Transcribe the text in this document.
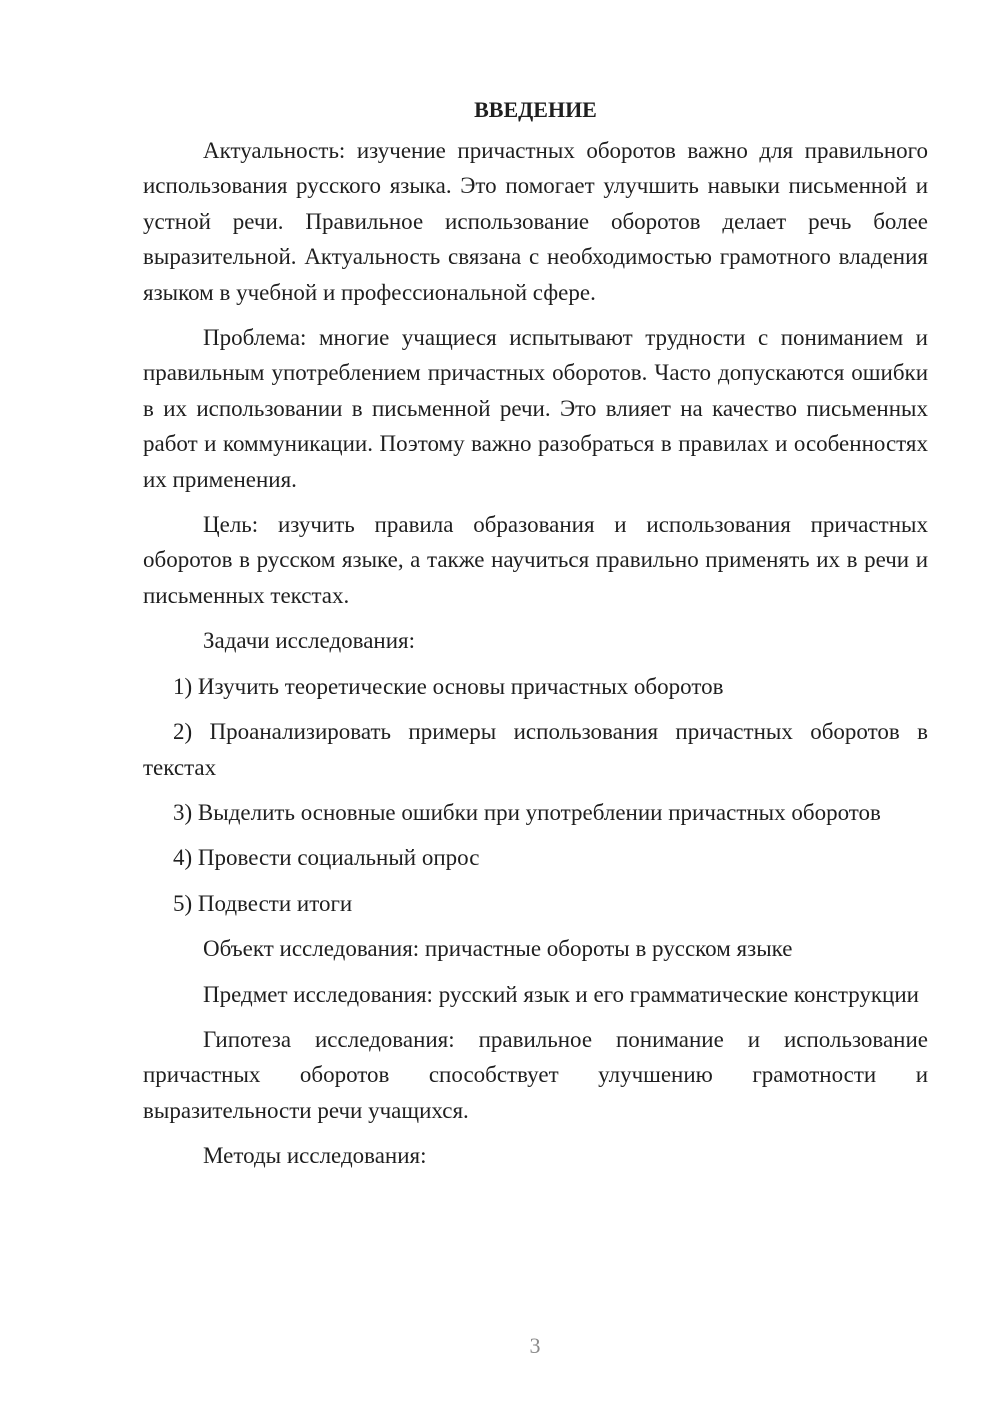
ВВЕДЕНИЕ

Актуальность: изучение причастных оборотов важно для правильного использования русского языка. Это помогает улучшить навыки письменной и устной речи. Правильное использование оборотов делает речь более выразительной. Актуальность связана с необходимостью грамотного владения языком в учебной и профессиональной сфере.

Проблема: многие учащиеся испытывают трудности с пониманием и правильным употреблением причастных оборотов. Часто допускаются ошибки в их использовании в письменной речи. Это влияет на качество письменных работ и коммуникации. Поэтому важно разобраться в правилах и особенностях их применения.

Цель: изучить правила образования и использования причастных оборотов в русском языке, а также научиться правильно применять их в речи и письменных текстах.

Задачи исследования:

1) Изучить теоретические основы причастных оборотов

2) Проанализировать примеры использования причастных оборотов в текстах

3) Выделить основные ошибки при употреблении причастных оборотов

4) Провести социальный опрос

5) Подвести итоги

Объект исследования: причастные обороты в русском языке

Предмет исследования: русский язык и его грамматические конструкции

Гипотеза исследования: правильное понимание и использование причастных оборотов способствует улучшению грамотности и выразительности речи учащихся.

Методы исследования:

3
